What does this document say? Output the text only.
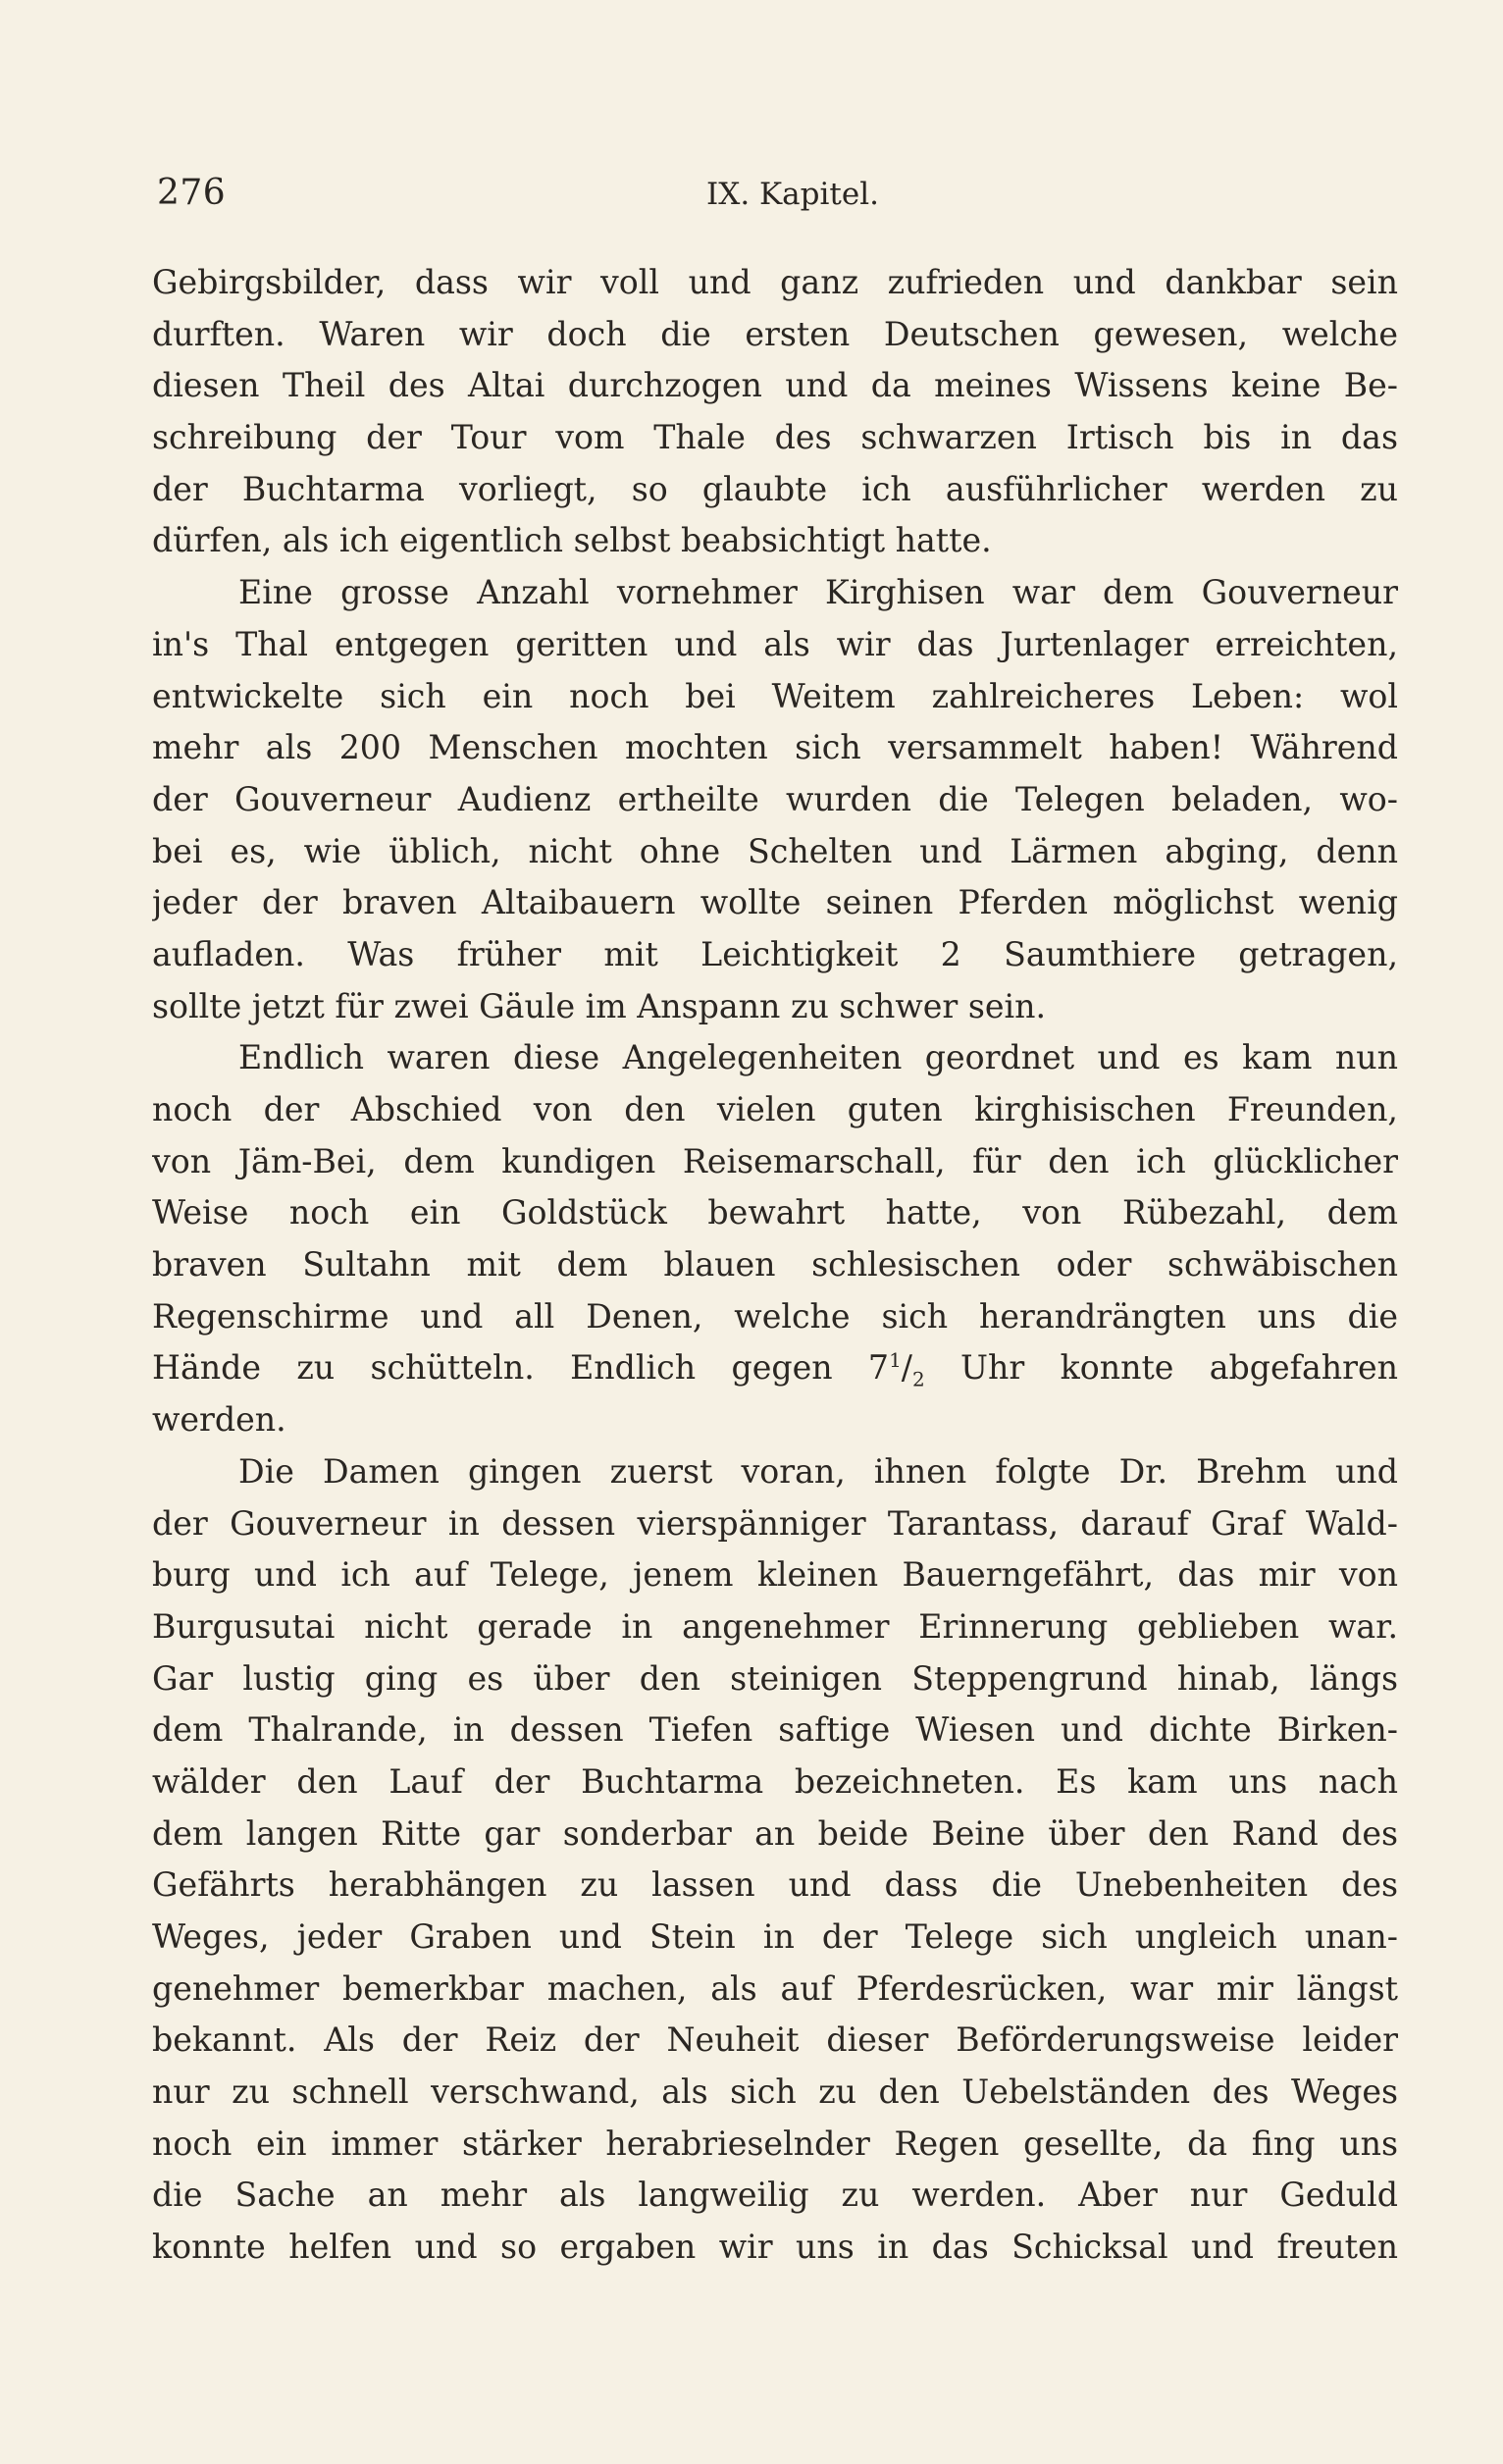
276	IX. Kapitel.
Gebirgsbilder, dass wir voll und ganz zufrieden und dankbar sein
durften. Waren wir doch die ersten Deutschen gewesen, welche
diesen Theil des Altai durchzogen und da meines Wissens keine Be-
schreibung der Tour vom Thale des schwarzen Irtisch bis in das
der Buchtarma vorliegt, so glaubte ich ausführlicher werden zu
dürfen, als ich eigentlich selbst beabsichtigt hatte.
Eine grosse Anzahl vornehmer Kirghisen war dem Gouverneur
in's Thal entgegen geritten und als wir das Jurtenlager erreichten,
entwickelte sich ein noch bei Weitem zahlreicheres Leben: wol
mehr als 200 Menschen mochten sich versammelt haben! Während
der Gouverneur Audienz ertheilte wurden die Telegen beladen, wo-
bei es, wie üblich, nicht ohne Schelten und Lärmen abging, denn
jeder der braven Altaibauern wollte seinen Pferden möglichst wenig
aufladen. Was früher mit Leichtigkeit 2 Saumthiere getragen,
sollte jetzt für zwei Gäule im Anspann zu schwer sein.
Endlich waren diese Angelegenheiten geordnet und es kam nun
noch der Abschied von den vielen guten kirghisischen Freunden,
von Jäm-Bei, dem kundigen Reisemarschall, für den ich glücklicher
Weise noch ein Goldstück bewahrt hatte, von Rübezahl, dem
braven Sultahn mit dem blauen schlesischen oder schwäbischen
Regenschirme und all Denen, welche sich herandrängten uns die
Hände zu schütteln. Endlich gegen $7^1/_2$ Uhr konnte abgefahren
werden.
Die Damen gingen zuerst voran, ihnen folgte Dr. Brehm und
der Gouverneur in dessen vierspänniger Tarantass, darauf Graf Wald-
burg und ich auf Telege, jenem kleinen Bauerngefährt, das mir von
Burgusutai nicht gerade in angenehmer Erinnerung geblieben war.
Gar lustig ging es über den steinigen Steppengrund hinab, längs
dem Thalrande, in dessen Tiefen saftige Wiesen und dichte Birken-
wälder den Lauf der Buchtarma bezeichneten. Es kam uns nach
dem langen Ritte gar sonderbar an beide Beine über den Rand des
Gefährts herabhängen zu lassen und dass die Unebenheiten des
Weges, jeder Graben und Stein in der Telege sich ungleich unan-
genehmer bemerkbar machen, als auf Pferdesrücken, war mir längst
bekannt. Als der Reiz der Neuheit dieser Beförderungsweise leider
nur zu schnell verschwand, als sich zu den Uebelständen des Weges
noch ein immer stärker herabrieselnder Regen gesellte, da fing uns
die Sache an mehr als langweilig zu werden. Aber nur Geduld
konnte helfen und so ergaben wir uns in das Schicksal und freuten
